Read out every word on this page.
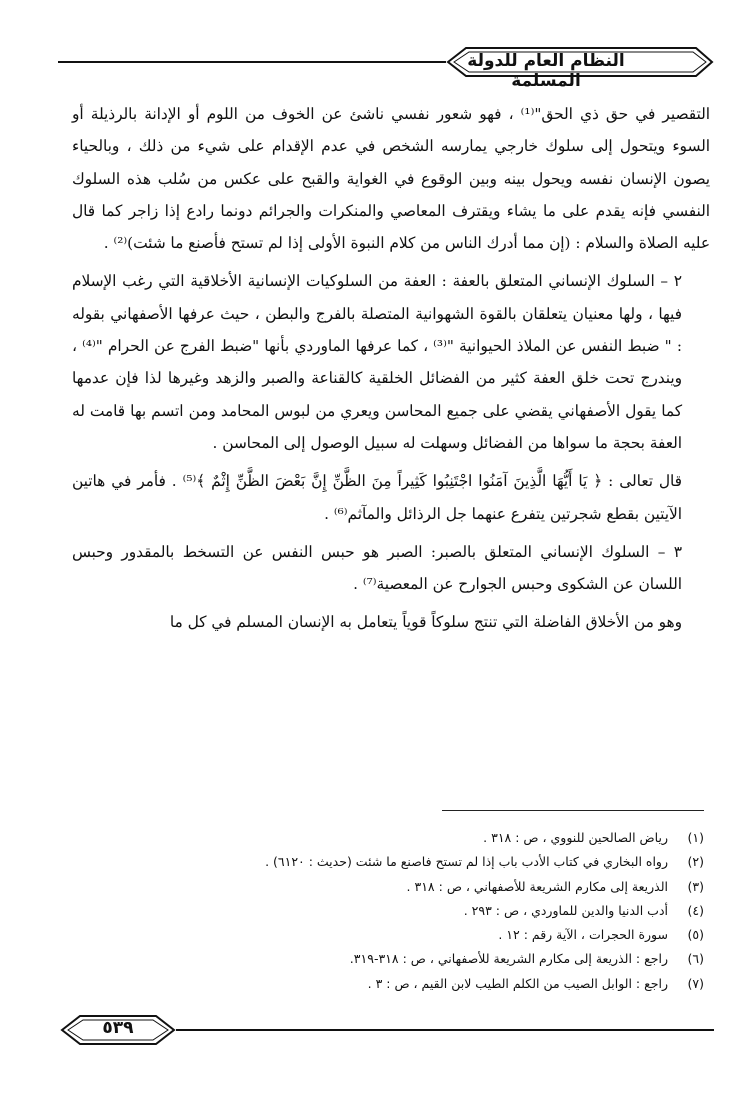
النظام العام للدولة المسلمة

التقصير في حق ذي الحق"⁽¹⁾ ، فهو شعور نفسي ناشئ عن الخوف من اللوم أو الإدانة بالرذيلة أو السوء ويتحول إلى سلوك خارجي يمارسه الشخص في عدم الإقدام على شيء من ذلك ، وبالحياء يصون الإنسان نفسه ويحول بينه وبين الوقوع في الغواية والقبح على عكس من سُلب هذه السلوك النفسي فإنه يقدم على ما يشاء ويقترف المعاصي والمنكرات والجرائم دونما رادع إذا زاجر كما قال عليه الصلاة والسلام : (إن مما أدرك الناس من كلام النبوة الأولى إذا لم تستح فأصنع ما شئت)⁽²⁾ .

٢ – السلوك الإنساني المتعلق بالعفة : العفة من السلوكيات الإنسانية الأخلاقية التي رغب الإسلام فيها ، ولها معنيان يتعلقان بالقوة الشهوانية المتصلة بالفرج والبطن ، حيث عرفها الأصفهاني بقوله : " ضبط النفس عن الملاذ الحيوانية "⁽³⁾ ، كما عرفها الماوردي بأنها "ضبط الفرج عن الحرام "⁽⁴⁾ ، ويندرج تحت خلق العفة كثير من الفضائل الخلقية كالقناعة والصبر والزهد وغيرها لذا فإن عدمها كما يقول الأصفهاني يقضي على جميع المحاسن ويعري من لبوس المحامد ومن اتسم بها قامت له العفة بحجة ما سواها من الفضائل وسهلت له سبيل الوصول إلى المحاسن .

قال تعالى : ﴿ يَا أَيُّهَا الَّذِينَ آمَنُوا اجْتَنِبُوا كَثِيراً مِنَ الظَّنِّ إِنَّ بَعْضَ الظَّنِّ إِثْمٌ ﴾⁽⁵⁾ . فأمر في هاتين الآيتين بقطع شجرتين يتفرع عنهما جل الرذائل والمآثم⁽⁶⁾ .

٣ – السلوك الإنساني المتعلق بالصبر: الصبر هو حبس النفس عن التسخط بالمقدور وحبس اللسان عن الشكوى وحبس الجوارح عن المعصية⁽⁷⁾ .

وهو من الأخلاق الفاضلة التي تنتج سلوكاً قوياً يتعامل به الإنسان المسلم في كل ما

(١)رياض الصالحين للنووي ، ص : ٣١٨ .
(٢)رواه البخاري في كتاب الأدب باب إذا لم تستح فاصنع ما شئت (حديث : ٦١٢٠) .
(٣)الذريعة إلى مكارم الشريعة للأصفهاني ، ص : ٣١٨ .
(٤)أدب الدنيا والدين للماوردي ، ص : ٢٩٣ .
(٥)سورة الحجرات ، الآية رقم : ١٢ .
(٦)راجع : الذريعة إلى مكارم الشريعة للأصفهاني ، ص : ٣١٨-٣١٩.
(٧)راجع : الوابل الصيب من الكلم الطيب لابن القيم ، ص : ٣ .
٥٣٩
